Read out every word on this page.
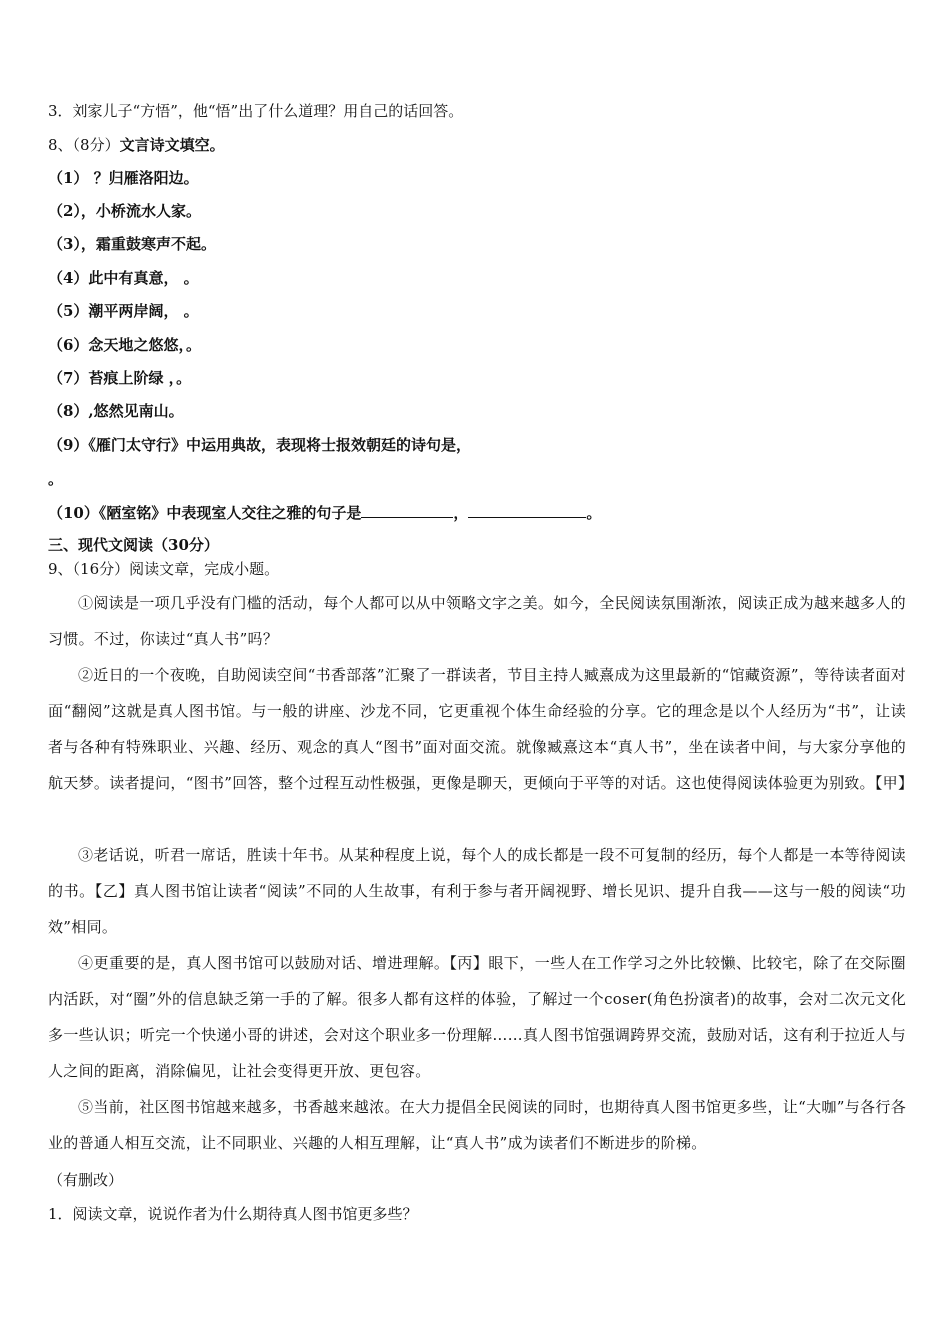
3．刘家儿子“方悟”，他“悟”出了什么道理？用自己的话回答。
8、（8分）文言诗文填空。
（1） ？归雁洛阳边。
（2），小桥流水人家。
（3），霜重鼓寒声不起。
（4）此中有真意， 。
（5）潮平两岸阔， 。
（6）念天地之悠悠，。
（7）苔痕上阶绿 ，。
（8）,悠然见南山。
（9）《雁门太守行》中运用典故，表现将士报效朝廷的诗句是，
。
（10）《陋室铭》中表现室人交往之雅的句子是	，	。
三、现代文阅读（30分）
9、（16分）阅读文章，完成小题。
①阅读是一项几乎没有门槛的活动，每个人都可以从中领略文字之美。如今，全民阅读氛围渐浓，阅读正成为越来越多人的习惯。不过，你读过“真人书”吗？
②近日的一个夜晚，自助阅读空间“书香部落”汇聚了一群读者，节目主持人臧熹成为这里最新的“馆藏资源”，等待读者面对面“翻阅”这就是真人图书馆。与一般的讲座、沙龙不同，它更重视个体生命经验的分享。它的理念是以个人经历为“书”，让读者与各种有特殊职业、兴趣、经历、观念的真人“图书”面对面交流。就像臧熹这本“真人书”，坐在读者中间，与大家分享他的航天梦。读者提问，“图书”回答，整个过程互动性极强，更像是聊天，更倾向于平等的对话。这也使得阅读体验更为别致。【甲】
③老话说，听君一席话，胜读十年书。从某种程度上说，每个人的成长都是一段不可复制的经历，每个人都是一本等待阅读的书。【乙】真人图书馆让读者“阅读”不同的人生故事，有利于参与者开阔视野、增长见识、提升自我——这与一般的阅读“功效”相同。
④更重要的是，真人图书馆可以鼓励对话、增进理解。【丙】眼下，一些人在工作学习之外比较懒、比较宅，除了在交际圈内活跃，对“圈”外的信息缺乏第一手的了解。很多人都有这样的体验，了解过一个coser(角色扮演者)的故事，会对二次元文化多一些认识；听完一个快递小哥的讲述，会对这个职业多一份理解……真人图书馆强调跨界交流，鼓励对话，这有利于拉近人与人之间的距离，消除偏见，让社会变得更开放、更包容。
⑤当前，社区图书馆越来越多，书香越来越浓。在大力提倡全民阅读的同时，也期待真人图书馆更多些，让“大咖”与各行各业的普通人相互交流，让不同职业、兴趣的人相互理解，让“真人书”成为读者们不断进步的阶梯。
（有删改）
1．阅读文章，说说作者为什么期待真人图书馆更多些？
